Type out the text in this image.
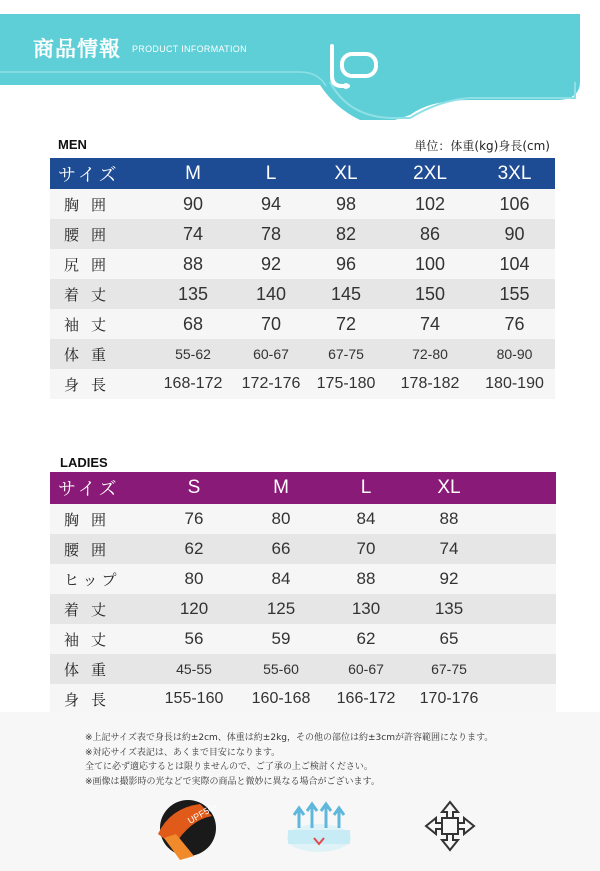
商品情報 PRODUCT INFORMATION
MEN	単位：体重(kg)身長(cm)
サイズ	M	L	XL	2XL	3XL
胸囲	90	94	98	102	106
腰囲	74	78	82	86	90
尻囲	88	92	96	100	104
着丈	135	140	145	150	155
袖丈	68	70	72	74	76
体重	55-62	60-67	67-75	72-80	80-90
身長	168-172	172-176	175-180	178-182	180-190
LADIES
サイズ	S	M	L	XL	
胸囲	76	80	84	88	
腰囲	62	66	70	74	
ヒップ	80	84	88	92	
着丈	120	125	130	135	
袖丈	56	59	62	65	
体重	45-55	55-60	60-67	67-75	
身長	155-160	160-168	166-172	170-176	
※上記サイズ表で身長は約±2cm、体重は約±2kg，その他の部位は約±3cmが許容範囲になります。
※対応サイズ表記は、あくまで目安になります。
全てに必ず適応するとは限りませんので、ご了承の上ご検討ください。
※画像は撮影時の光などで実際の商品と微妙に異なる場合がございます。
UPF50+
